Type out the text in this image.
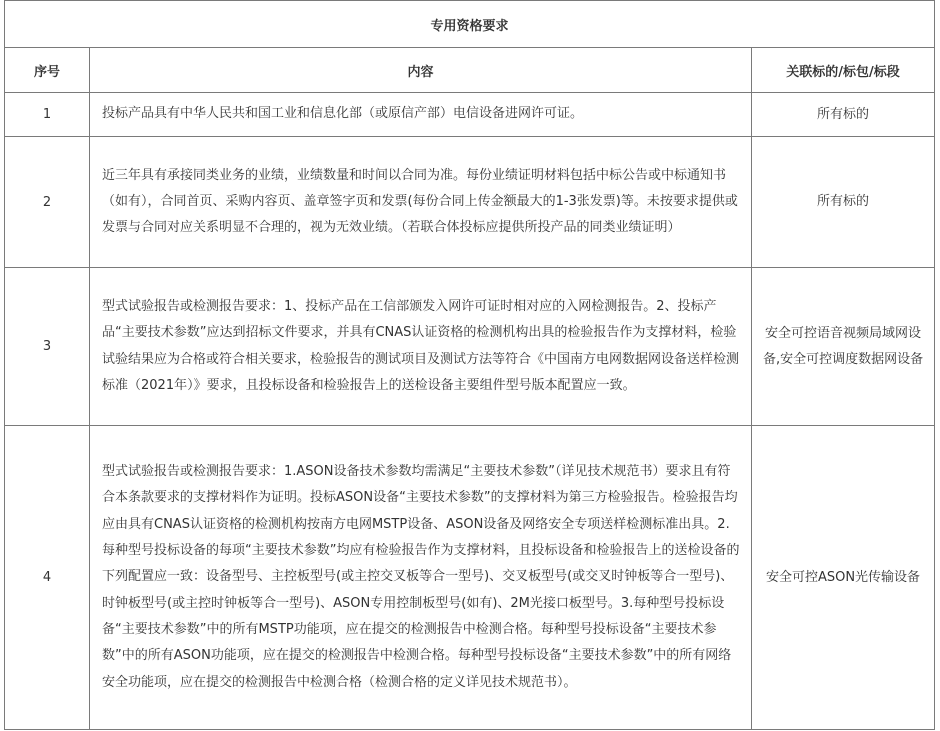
专用资格要求		
序号	内容	关联标的/标包/标段
1	投标产品具有中华人民共和国工业和信息化部（或原信产部）电信设备进网许可证。	所有标的
2	近三年具有承接同类业务的业绩，业绩数量和时间以合同为准。每份业绩证明材料包括中标公告或中标通知书（如有），合同首页、采购内容页、盖章签字页和发票(每份合同上传金额最大的1-3张发票)等。未按要求提供或发票与合同对应关系明显不合理的，视为无效业绩。（若联合体投标应提供所投产品的同类业绩证明）	所有标的
3	型式试验报告或检测报告要求：1、投标产品在工信部颁发入网许可证时相对应的入网检测报告。2、投标产品“主要技术参数”应达到招标文件要求，并具有CNAS认证资格的检测机构出具的检验报告作为支撑材料，检验试验结果应为合格或符合相关要求，检验报告的测试项目及测试方法等符合《中国南方电网数据网设备送样检测标准（2021年）》要求，且投标设备和检验报告上的送检设备主要组件型号版本配置应一致。	安全可控语音视频局域网设备,安全可控调度数据网设备
4	型式试验报告或检测报告要求：1.ASON设备技术参数均需满足“主要技术参数”（详见技术规范书）要求且有符合本条款要求的支撑材料作为证明。投标ASON设备“主要技术参数”的支撑材料为第三方检验报告。检验报告均应由具有CNAS认证资格的检测机构按南方电网MSTP设备、ASON设备及网络安全专项送样检测标准出具。2.每种型号投标设备的每项“主要技术参数”均应有检验报告作为支撑材料，且投标设备和检验报告上的送检设备的下列配置应一致：设备型号、主控板型号(或主控交叉板等合一型号)、交叉板型号(或交叉时钟板等合一型号)、时钟板型号(或主控时钟板等合一型号)、ASON专用控制板型号(如有)、2M光接口板型号。3.每种型号投标设备“主要技术参数”中的所有MSTP功能项，应在提交的检测报告中检测合格。每种型号投标设备“主要技术参数”中的所有ASON功能项，应在提交的检测报告中检测合格。每种型号投标设备“主要技术参数”中的所有网络安全功能项，应在提交的检测报告中检测合格（检测合格的定义详见技术规范书）。	安全可控ASON光传输设备
